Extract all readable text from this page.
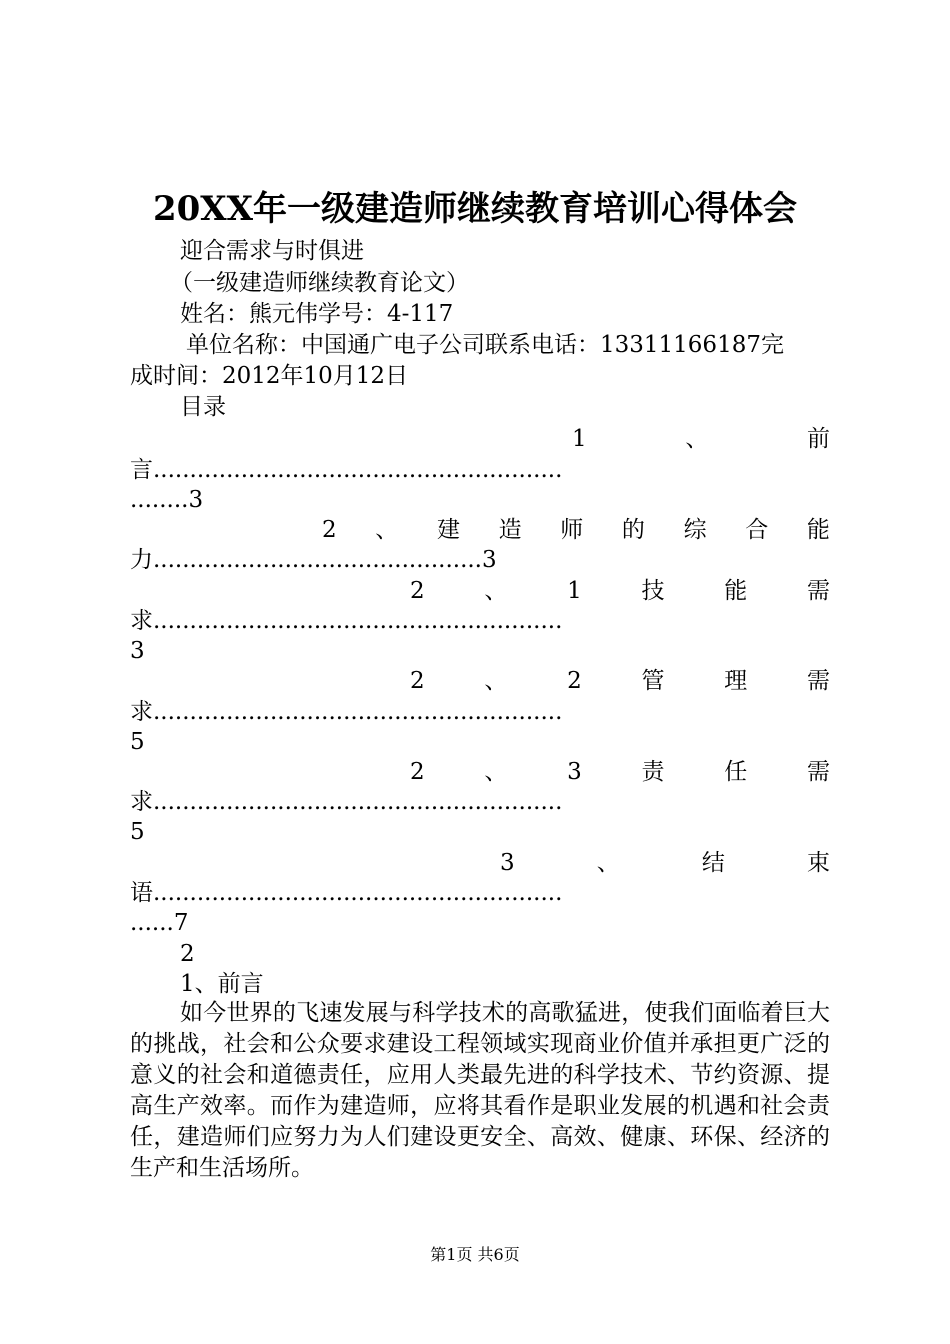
20XX年一级建造师继续教育培训心得体会
迎合需求与时俱进
（一级建造师继续教育论文）
姓名：熊元伟学号：4-117
单位名称：中国通广电子公司联系电话：13311166187完
成时间：2012年10月12日
目录
1	、	前
言........................................................
........3
2 、 建 造 师 的 综 合 能
力.............................................3
2	、	1	技	能	需
求........................................................
3
2	、	2	管	理	需
求........................................................
5
2	、	3	责	任	需
求........................................................
5
3	、	结	束
语........................................................
......7
2
1、前言
如今世界的飞速发展与科学技术的高歌猛进，使我们面临着巨大的挑战，社会和公众要求建设工程领域实现商业价值并承担更广泛的意义的社会和道德责任，应用人类最先进的科学技术、节约资源、提高生产效率。而作为建造师，应将其看作是职业发展的机遇和社会责任，建造师们应努力为人们建设更安全、高效、健康、环保、经济的生产和生活场所。
第1页 共6页
